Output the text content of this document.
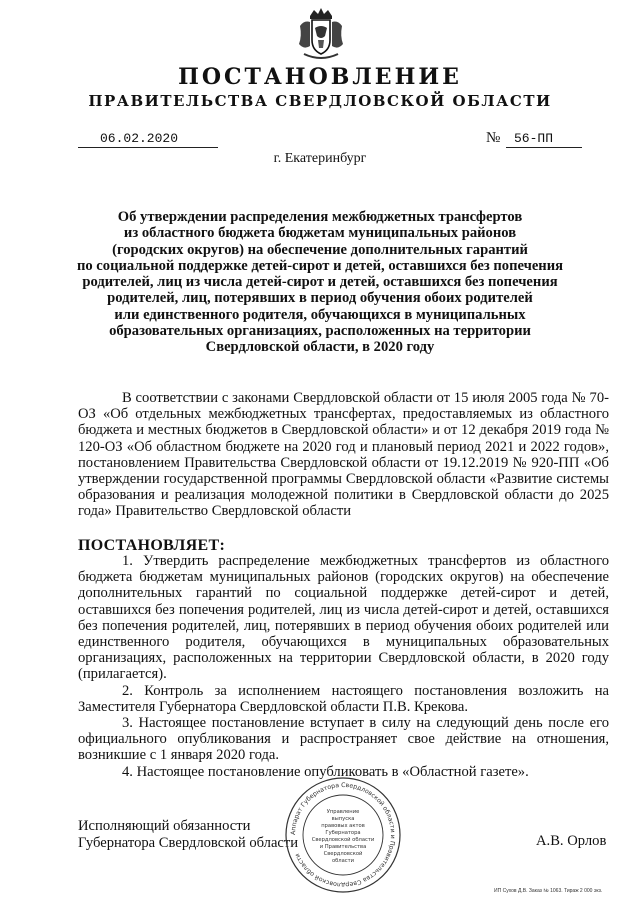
ПОСТАНОВЛЕНИЕ
ПРАВИТЕЛЬСТВА СВЕРДЛОВСКОЙ ОБЛАСТИ
06.02.2020	№	56-ПП
г. Екатеринбург
Об утверждении распределения межбюджетных трансфертов
из областного бюджета бюджетам муниципальных районов
(городских округов) на обеспечение дополнительных гарантий
по социальной поддержке детей-сирот и детей, оставшихся без попечения
родителей, лиц из числа детей-сирот и детей, оставшихся без попечения
родителей, лиц, потерявших в период обучения обоих родителей
или единственного родителя, обучающихся в муниципальных
образовательных организациях, расположенных на территории
Свердловской области, в 2020 году

В соответствии с законами Свердловской области от 15 июля 2005 года № 70-ОЗ «Об отдельных межбюджетных трансфертах, предоставляемых из областного бюджета и местных бюджетов в Свердловской области» и от 12 декабря 2019 года № 120-ОЗ «Об областном бюджете на 2020 год и плановый период 2021 и 2022 годов», постановлением Правительства Свердловской области от 19.12.2019 № 920-ПП «Об утверждении государственной программы Свердловской области «Развитие системы образования и реализация молодежной политики в Свердловской области до 2025 года» Правительство Свердловской области

ПОСТАНОВЛЯЕТ:

1. Утвердить распределение межбюджетных трансфертов из областного бюджета бюджетам муниципальных районов (городских округов) на обеспечение дополнительных гарантий по социальной поддержке детей-сирот и детей, оставшихся без попечения родителей, лиц из числа детей-сирот и детей, оставшихся без попечения родителей, лиц, потерявших в период обучения обоих родителей или единственного родителя, обучающихся в муниципальных образовательных организациях, расположенных на территории Свердловской области, в 2020 году (прилагается).

2. Контроль за исполнением настоящего постановления возложить на Заместителя Губернатора Свердловской области П.В. Крекова.

3. Настоящее постановление вступает в силу на следующий день после его официального опубликования и распространяет свое действие на отношения, возникшие с 1 января 2020 года.

4. Настоящее постановление опубликовать в «Областной газете».

Исполняющий обязанности
Губернатора Свердловской области	А.В. Орлов
Аппарат Губернатора Свердловской области и Правительства Свердловской области
Управление
выпуска
правовых актов
Губернатора
Свердловской области
и Правительства
Свердловской
области
ИП Сухов Д.В. Заказ № 1063. Тираж 2 000 экз.
